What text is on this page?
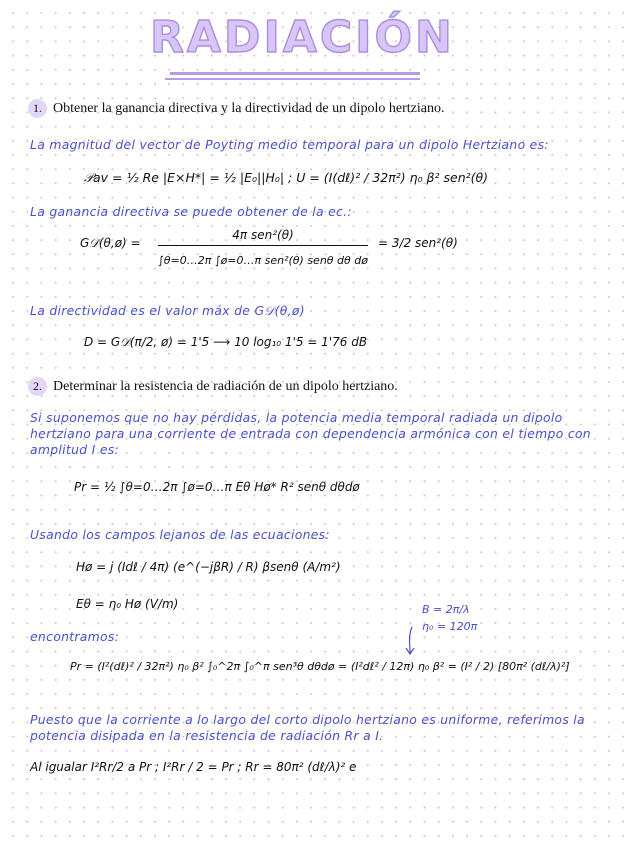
RADIACIÓN
1. Obtener la ganancia directiva y la directividad de un dipolo hertziano.
La magnitud del vector de Poyting medio temporal para un dipolo Hertziano es:
𝒫av = ½ Re |E×H*| = ½ |E₀||H₀| ; U = (I(dℓ)² / 32π²) η₀ β² sen²(θ)
La ganancia directiva se puede obtener de la ec.:
G𝒟(θ,ø) =
4π sen²(θ)
∫θ=0…2π ∫ø=0…π sen²(θ) senθ dθ dø
= 3/2 sen²(θ)
La directividad es el valor máx de G𝒟(θ,ø)
D = G𝒟(π/2, ø) = 1'5 ⟶ 10 log₁₀ 1'5 = 1'76 dB
2. Determinar la resistencia de radiación de un dipolo hertziano.
Si suponemos que no hay pérdidas, la potencia media temporal radiada un dipolo hertziano para una corriente de entrada con dependencia armónica con el tiempo con amplitud I es:
Pr = ½ ∫θ=0…2π ∫ø=0…π Eθ Hø* R² senθ dθdø
Usando los campos lejanos de las ecuaciones:
Hø = j (Idℓ / 4π) (e^(−jβR) / R) βsenθ (A/m²)
Eθ = η₀ Hø (V/m)	B = 2π/λ
η₀ = 120π
encontramos:
Pr = (I²(dℓ)² / 32π²) η₀ β² ∫₀^2π ∫₀^π sen³θ dθdø = (I²dℓ² / 12π) η₀ β² = (I² / 2) [80π² (dℓ/λ)²]
Puesto que la corriente a lo largo del corto dipolo hertziano es uniforme, referimos la potencia disipada en la resistencia de radiación Rr a I.
Al igualar I²Rr/2 a Pr ; I²Rr / 2 = Pr ; Rr = 80π² (dℓ/λ)² e
